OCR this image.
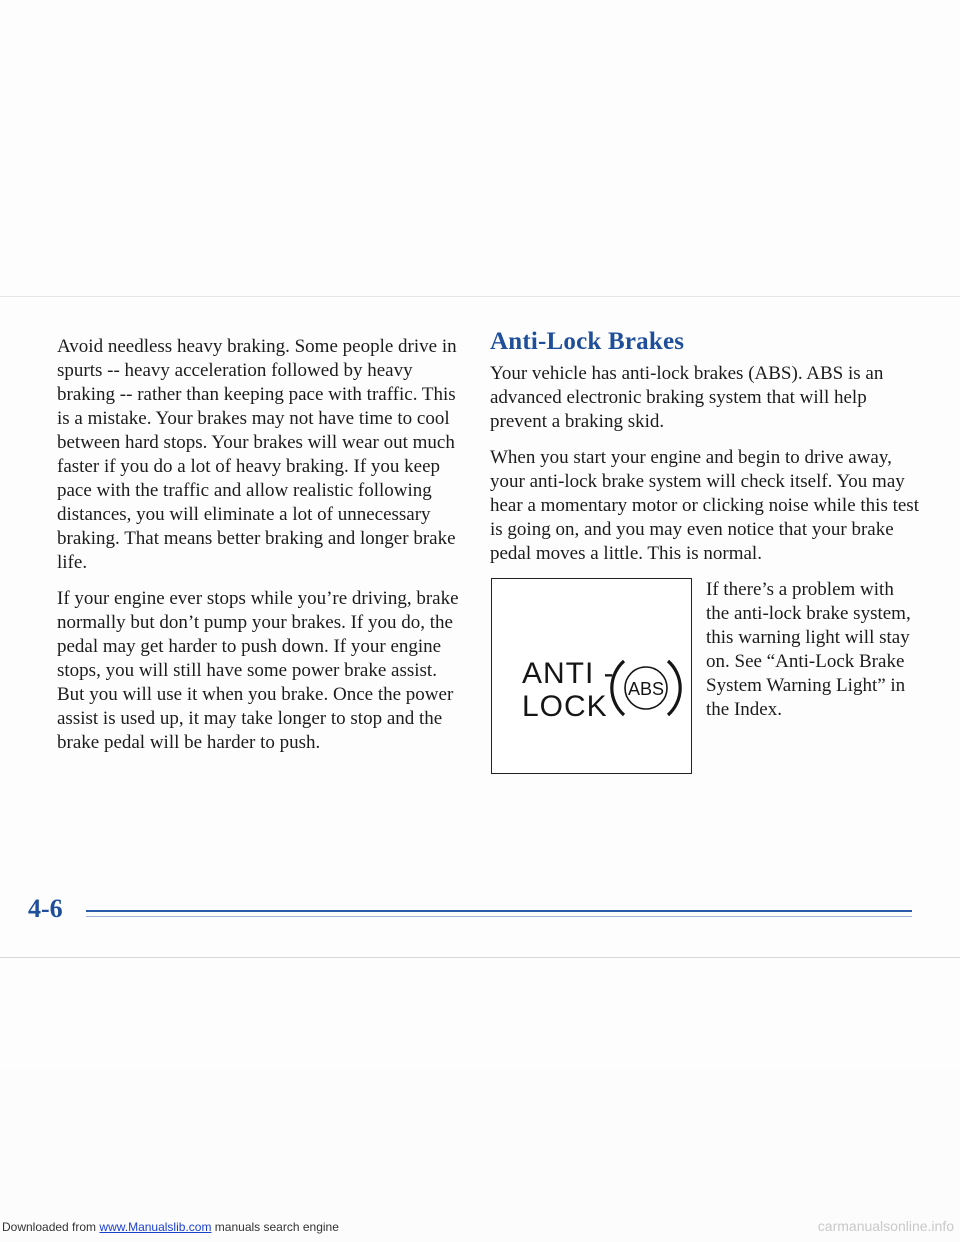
Avoid needless heavy braking. Some people drive in spurts -- heavy acceleration followed by heavy braking -- rather than keeping pace with traffic. This is a mistake. Your brakes may not have time to cool between hard stops. Your brakes will wear out much faster if you do a lot of heavy braking. If you keep pace with the traffic and allow realistic following distances, you will eliminate a lot of unnecessary braking. That means better braking and longer brake life.

If your engine ever stops while you’re driving, brake normally but don’t pump your brakes. If you do, the pedal may get harder to push down. If your engine stops, you will still have some power brake assist. But you will use it when you brake. Once the power assist is used up, it may take longer to stop and the brake pedal will be harder to push.

Anti-Lock Brakes

Your vehicle has anti-lock brakes (ABS). ABS is an advanced electronic braking system that will help prevent a braking skid.

When you start your engine and begin to drive away, your anti-lock brake system will check itself. You may hear a momentary motor or clicking noise while this test is going on, and you may even notice that your brake pedal moves a little. This is normal.

ANTI -
LOCK
ABS
If there’s a problem with the anti-lock brake system, this warning light will stay on. See “Anti-Lock Brake System Warning Light” in the Index.
4-6
Downloaded from www.Manualslib.com manuals search engine	carmanualsonline.info
